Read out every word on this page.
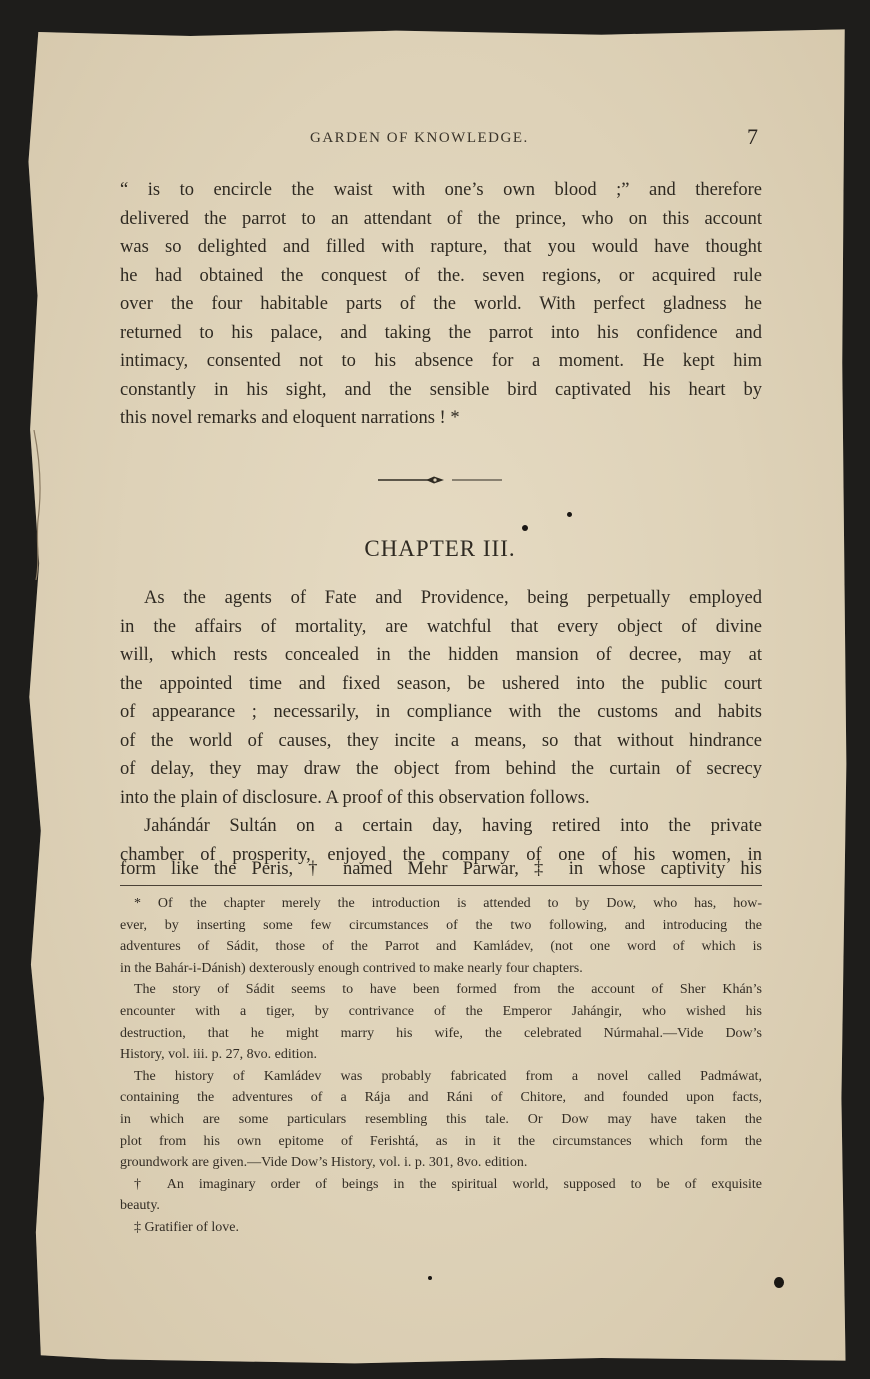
GARDEN OF KNOWLEDGE.	7
“ is to encircle the waist with one’s own blood ;” and therefore
delivered the parrot to an attendant of the prince, who on this account
was so delighted and filled with rapture, that you would have thought
he had obtained the conquest of the. seven regions, or acquired rule
over the four habitable parts of the world. With perfect gladness he
returned to his palace, and taking the parrot into his confidence and
intimacy, consented not to his absence for a moment. He kept him
constantly in his sight, and the sensible bird captivated his heart by
this novel remarks and eloquent narrations ! *
CHAPTER III.
As the agents of Fate and Providence, being perpetually employed
in the affairs of mortality, are watchful that every object of divine
will, which rests concealed in the hidden mansion of decree, may at
the appointed time and fixed season, be ushered into the public court
of appearance ; necessarily, in compliance with the customs and habits
of the world of causes, they incite a means, so that without hindrance
of delay, they may draw the object from behind the curtain of secrecy
into the plain of disclosure. A proof of this observation follows.
Jahándár Sultán on a certain day, having retired into the private
chamber of prosperity, enjoyed the company of one of his women, in
form like the Peris, † named Mehr Parwar, ‡ in whose captivity his
* Of the chapter merely the introduction is attended to by Dow, who has, how-
ever, by inserting some few circumstances of the two following, and introducing the
adventures of Sádit, those of the Parrot and Kamládev, (not one word of which is
in the Bahár-i-Dánish) dexterously enough contrived to make nearly four chapters.
The story of Sádit seems to have been formed from the account of Sher Khán’s
encounter with a tiger, by contrivance of the Emperor Jahángir, who wished his
destruction, that he might marry his wife, the celebrated Núrmahal.—Vide Dow’s
History, vol. iii. p. 27, 8vo. edition.
The history of Kamládev was probably fabricated from a novel called Padmáwat,
containing the adventures of a Rája and Ráni of Chitore, and founded upon facts,
in which are some particulars resembling this tale. Or Dow may have taken the
plot from his own epitome of Ferishtá, as in it the circumstances which form the
groundwork are given.—Vide Dow’s History, vol. i. p. 301, 8vo. edition.
† An imaginary order of beings in the spiritual world, supposed to be of exquisite
beauty.
‡ Gratifier of love.
